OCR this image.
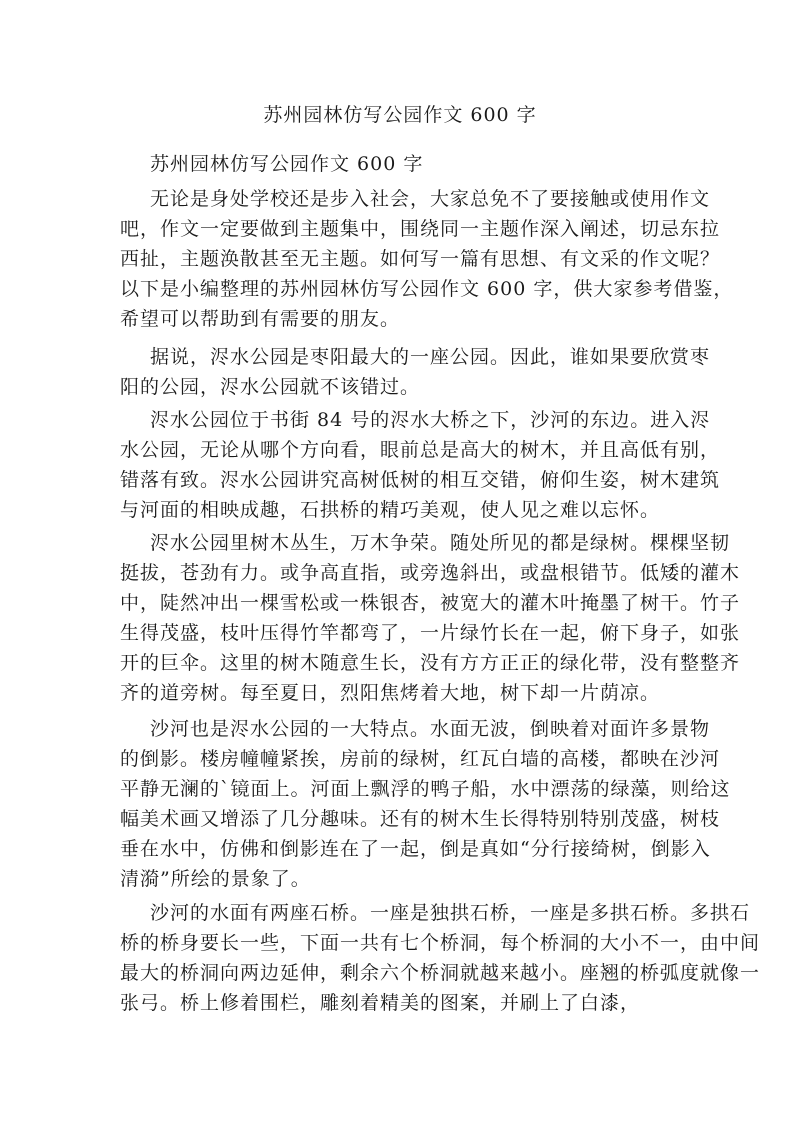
苏州园林仿写公园作文 600 字
苏州园林仿写公园作文 600 字
无论是身处学校还是步入社会，大家总免不了要接触或使用作文
吧，作文一定要做到主题集中，围绕同一主题作深入阐述，切忌东拉
西扯，主题涣散甚至无主题。如何写一篇有思想、有文采的作文呢？
以下是小编整理的苏州园林仿写公园作文 600 字，供大家参考借鉴，
希望可以帮助到有需要的朋友。
据说，浕水公园是枣阳最大的一座公园。因此，谁如果要欣赏枣
阳的公园，浕水公园就不该错过。
浕水公园位于书街 84 号的浕水大桥之下，沙河的东边。进入浕
水公园，无论从哪个方向看，眼前总是高大的树木，并且高低有别，
错落有致。浕水公园讲究高树低树的相互交错，俯仰生姿，树木建筑
与河面的相映成趣，石拱桥的精巧美观，使人见之难以忘怀。
浕水公园里树木丛生，万木争荣。随处所见的都是绿树。棵棵坚韧
挺拔，苍劲有力。或争高直指，或旁逸斜出，或盘根错节。低矮的灌木
中，陡然冲出一棵雪松或一株银杏，被宽大的灌木叶掩墨了树干。竹子
生得茂盛，枝叶压得竹竿都弯了，一片绿竹长在一起，俯下身子，如张
开的巨伞。这里的树木随意生长，没有方方正正的绿化带，没有整整齐
齐的道旁树。每至夏日，烈阳焦烤着大地，树下却一片荫凉。
沙河也是浕水公园的一大特点。水面无波，倒映着对面许多景物
的倒影。楼房幢幢紧挨，房前的绿树，红瓦白墙的高楼，都映在沙河
平静无澜的`镜面上。河面上飘浮的鸭子船，水中漂荡的绿藻，则给这
幅美术画又增添了几分趣味。还有的树木生长得特别特别茂盛，树枝
垂在水中，仿佛和倒影连在了一起，倒是真如“分行接绮树，倒影入
清漪”所绘的景象了。
沙河的水面有两座石桥。一座是独拱石桥，一座是多拱石桥。多拱石
桥的桥身要长一些，下面一共有七个桥洞，每个桥洞的大小不一，由中间
最大的桥洞向两边延伸，剩余六个桥洞就越来越小。座翘的桥弧度就像一
张弓。桥上修着围栏，雕刻着精美的图案，并刷上了白漆，
